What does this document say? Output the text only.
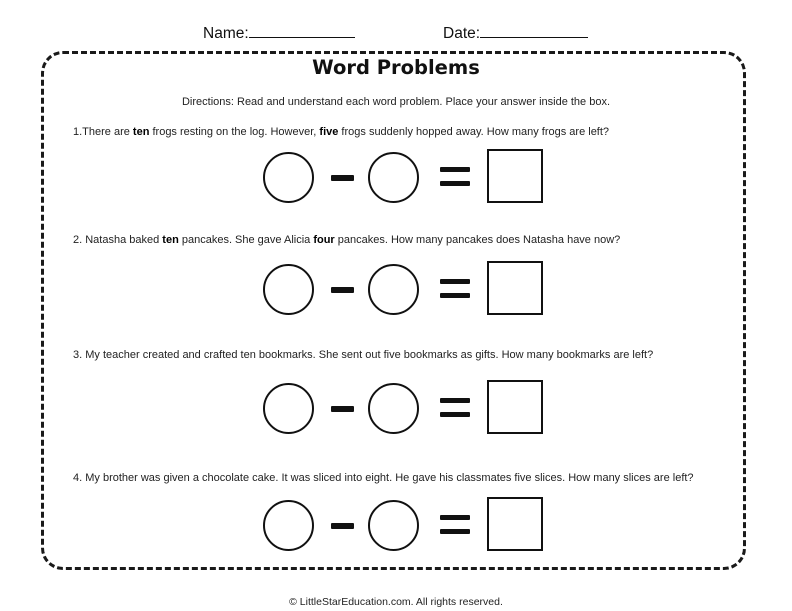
Name:	Date:
Word Problems
Directions: Read and understand each word problem. Place your answer inside the box.
1.There are ten frogs resting on the log. However, five frogs suddenly hopped away. How many frogs are left?
2. Natasha baked ten pancakes. She gave Alicia four pancakes. How many pancakes does Natasha have now?
3. My teacher created and crafted ten bookmarks. She sent out five bookmarks as gifts. How many bookmarks are left?
4. My brother was given a chocolate cake. It was sliced into eight. He gave his classmates five slices. How many slices are left?
© LittleStarEducation.com. All rights reserved.
